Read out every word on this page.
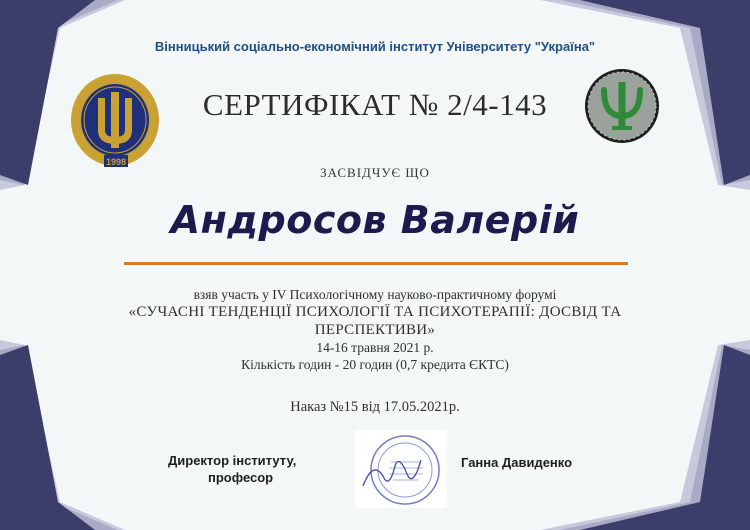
Вінницький соціально-економічний інститут Університету "Україна"
1998
СЕРТИФІКАТ № 2/4-143
ЗАСВІДЧУЄ ЩО
Андросов Валерій
взяв участь у IV Психологічному науково-практичному форумі
«СУЧАСНІ ТЕНДЕНЦІЇ ПСИХОЛОГІЇ ТА ПСИХОТЕРАПІЇ: ДОСВІД ТА ПЕРСПЕКТИВИ»
14-16 травня 2021 р.
Кількість годин - 20 годин (0,7 кредита ЄКТС)
Наказ №15 від 17.05.2021р.
Директор інституту,
професор
Ганна Давиденко
